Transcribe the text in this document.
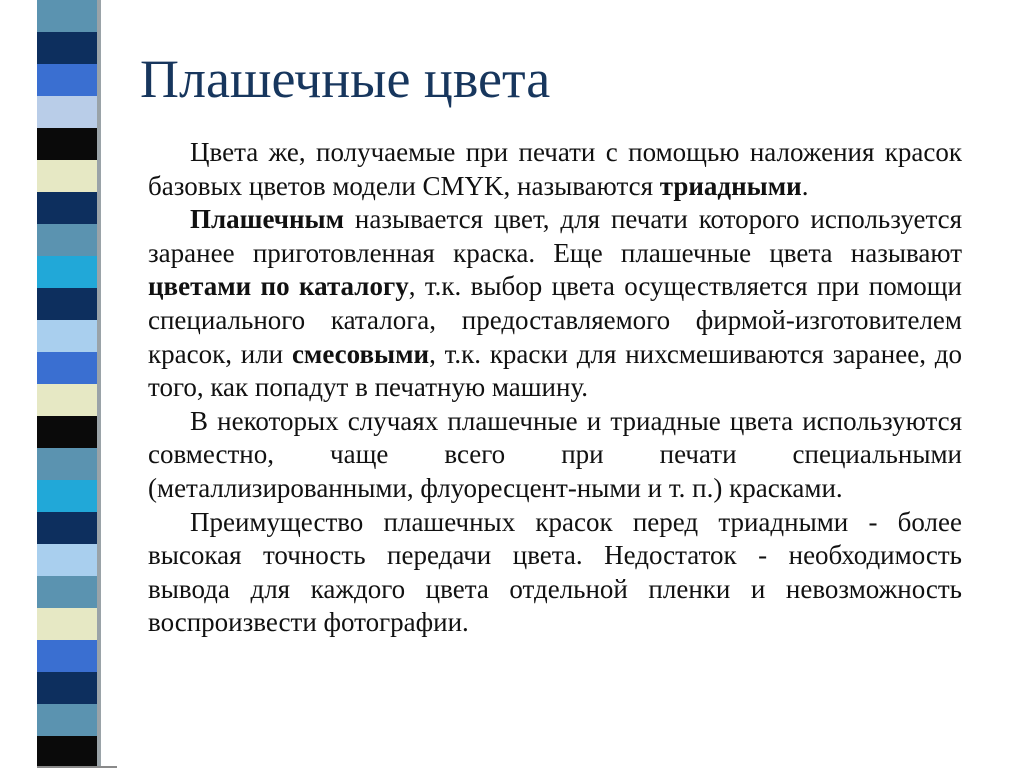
Плашечные цвета

Цвета же, получаемые при печати с помощью наложения красок базовых цветов модели CMYK, называются триадными.

Плашечным называется цвет, для печати которого используется заранее приготовленная краска. Еще плашечные цвета называют цветами по каталогу, т.к. выбор цвета осуществляется при помощи специального каталога, предоставляемого фирмой-изготовителем красок, или смесовыми, т.к. краски для нихсмешиваются заранее, до того, как попадут в печатную машину.

В некоторых случаях плашечные и триадные цвета используются совместно, чаще всего при печати специальными (металлизированными, флуоресцент-ными и т. п.) красками.

Преимущество плашечных красок перед триадными - более высокая точность передачи цвета. Недостаток - необходимость вывода для каждого цвета отдельной пленки и невозможность воспроизвести фотографии.
